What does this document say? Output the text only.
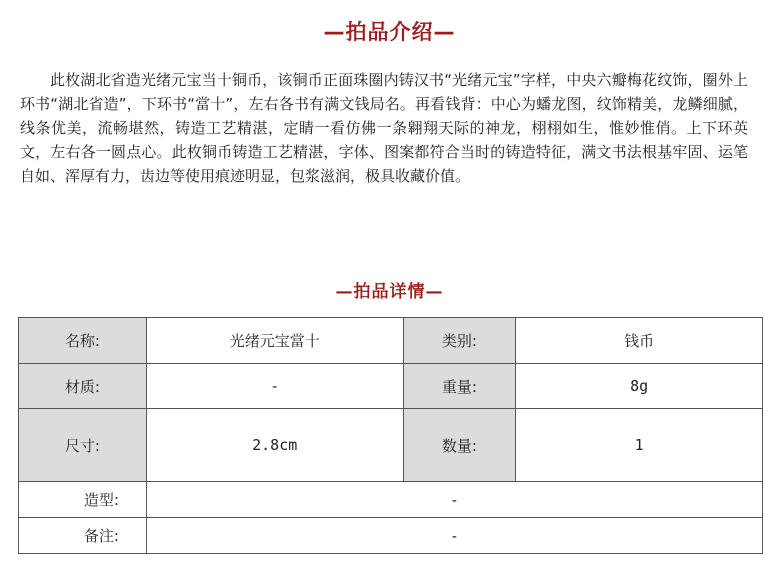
—拍品介绍—

此枚湖北省造光绪元宝当十铜币，该铜币正面珠圈内铸汉书“光绪元宝”字样，中央六瓣梅花纹饰，圈外上环书“湖北省造”，下环书“當十”，左右各书有满文钱局名。再看钱背：中心为蟠龙图，纹饰精美，龙鳞细腻，线条优美，流畅堪然，铸造工艺精湛，定睛一看仿佛一条翱翔天际的神龙，栩栩如生，惟妙惟俏。上下环英文，左右各一圆点心。此枚铜币铸造工艺精湛，字体、图案都符合当时的铸造特征，满文书法根基牢固、运笔自如、浑厚有力，齿边等使用痕迹明显，包浆滋润，极具收藏价值。

—拍品详情—
名称:	光绪元宝當十	类别:	钱币
材质:	-	重量:	8g
尺寸:	2.8cm	数量:	1
造型:	-		
备注:	-		
